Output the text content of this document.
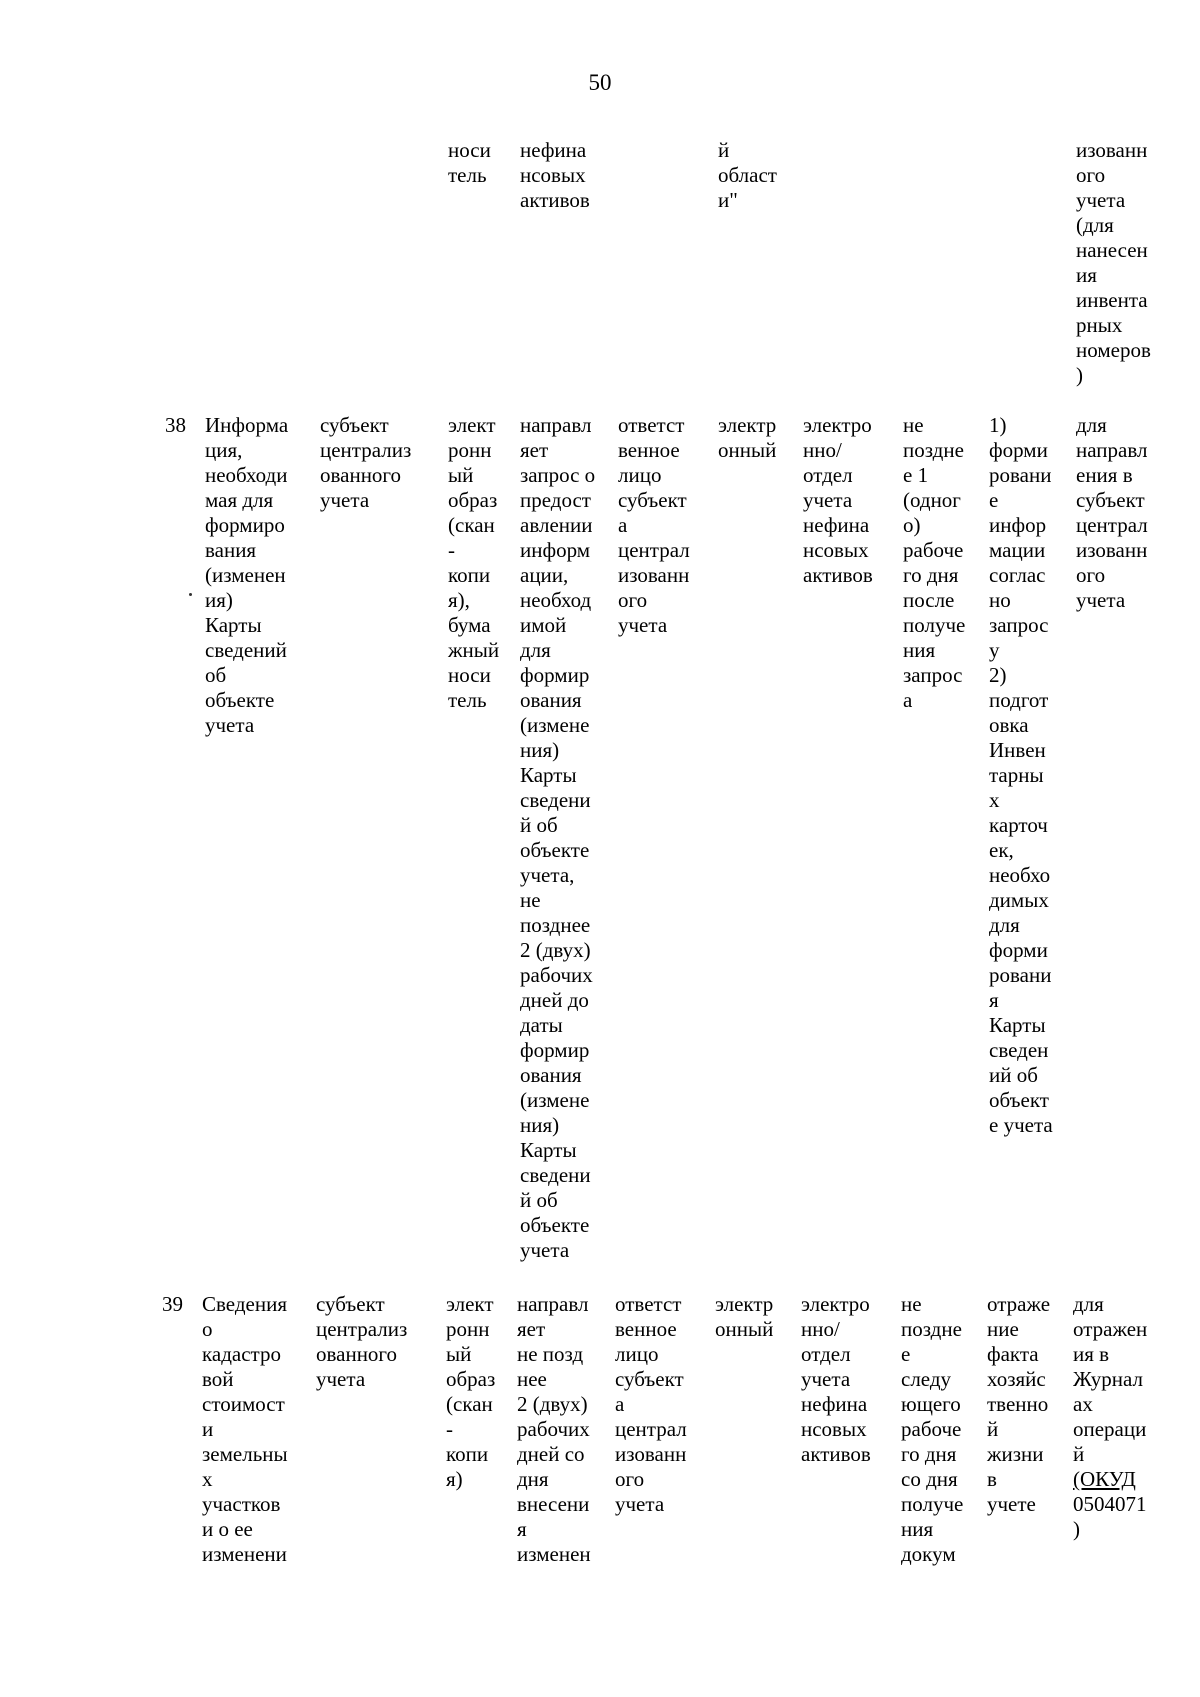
50
носи
тель
нефина
нсовых
активов
й
област
и"
изованн
ого
учета
(для
нанесен
ия
инвента
рных
номеров
)
38 Информа
ция,
необходи
мая для
формиро
вания
(изменен
ия)
Карты
сведений
об
объекте
учета
субъект
централиз
ованного
учета
элект
ронн
ый
образ
(скан
-
копи
я),
бума
жный
носи
тель
направл
яет
запрос о
предост
авлении
информ
ации,
необход
имой
для
формир
ования
(измене
ния)
Карты
сведени
й об
объекте
учета,
не
позднее
2 (двух)
рабочих
дней до
даты
формир
ования
(измене
ния)
Карты
сведени
й об
объекте
учета
ответст
венное
лицо
субъект
а
централ
изованн
ого
учета
электр
онный
электро
нно/
отдел
учета
нефина
нсовых
активов
не
поздне
е 1
(одног
о)
рабоче
го дня
после
получе
ния
запрос
а
1)
форми
ровани
е
инфор
мации
соглас
но
запрос
у
2)
подгот
овка
Инвен
тарны
х
карточ
ек,
необхо
димых
для
форми
ровани
я
Карты
сведен
ий об
объект
е учета
для
направл
ения в
субъект
централ
изованн
ого
учета
39 Сведения
о
кадастро
вой
стоимост
и
земельны
х
участков
и о ее
изменени
субъект
централиз
ованного
учета
элект
ронн
ый
образ
(скан
-
копи
я)
направл
яет
не позд
нее
2 (двух)
рабочих
дней со
дня
внесени
я
изменен
ответст
венное
лицо
субъект
а
централ
изованн
ого
учета
электр
онный
электро
нно/
отдел
учета
нефина
нсовых
активов
не
поздне
е
следу
ющего
рабоче
го дня
со дня
получе
ния
докум
отраже
ние
факта
хозяйс
твенно
й
жизни
в
учете
для
отражен
ия в
Журнал
ах
операци
й
(ОКУД
0504071
)
